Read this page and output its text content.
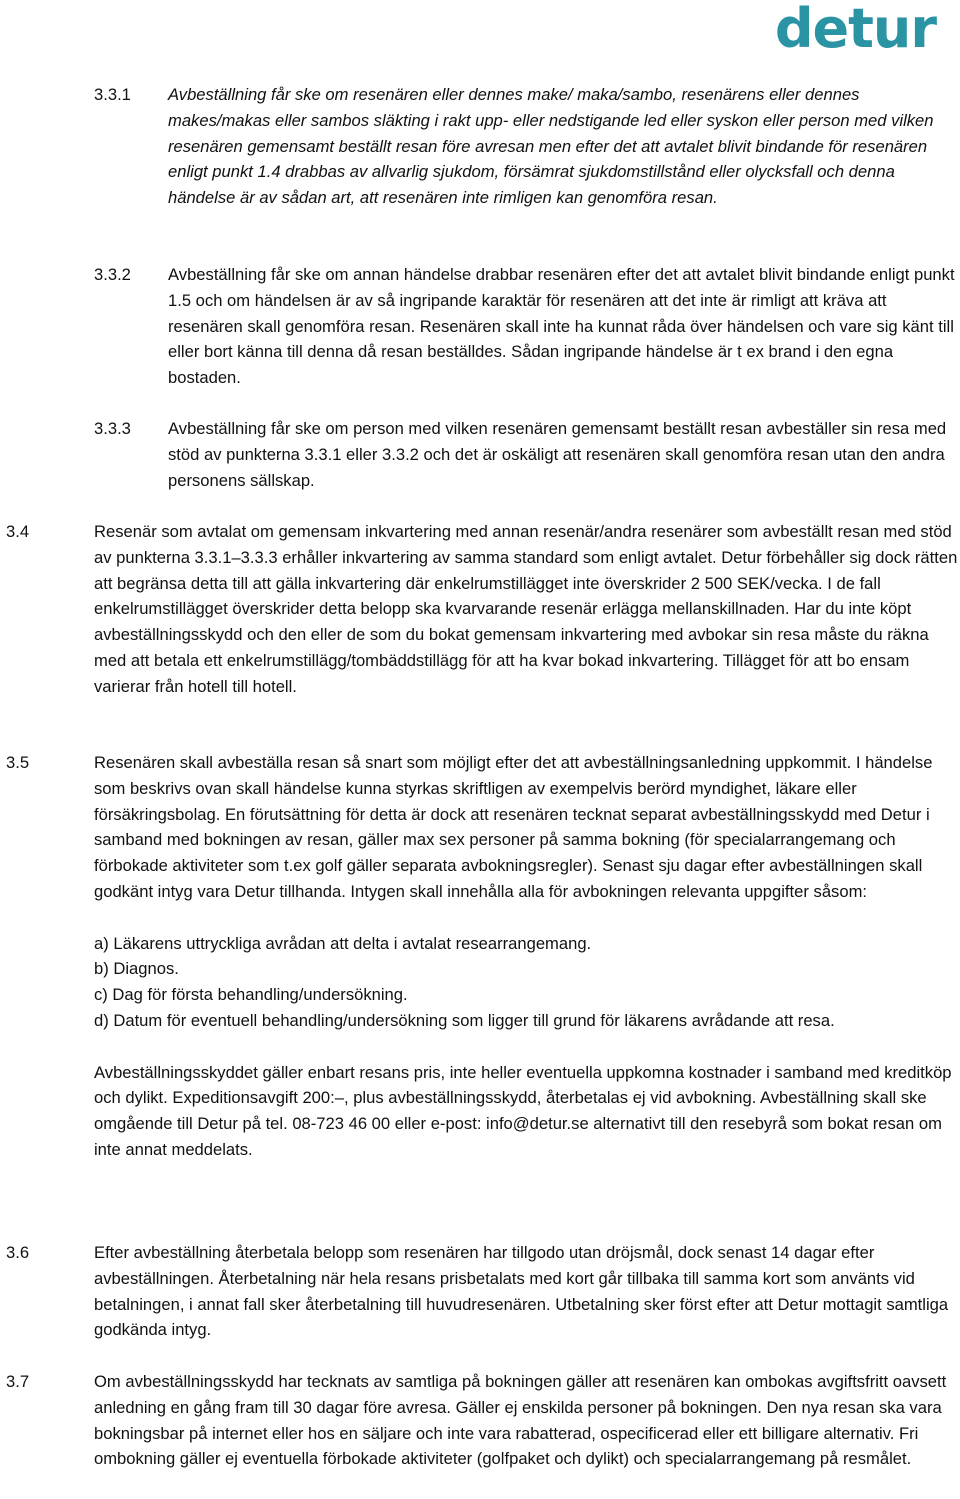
detur
3.3.1 Avbeställning får ske om resenären eller dennes make/ maka/sambo, resenärens eller dennes makes/makas eller sambos släkting i rakt upp- eller nedstigande led eller syskon eller person med vilken resenären gemensamt beställt resan före avresan men efter det att avtalet blivit bindande för resenären enligt punkt 1.4 drabbas av allvarlig sjukdom, försämrat sjukdomstillstånd eller olycksfall och denna händelse är av sådan art, att resenären inte rimligen kan genomföra resan.

3.3.2 Avbeställning får ske om annan händelse drabbar resenären efter det att avtalet blivit bindande enligt punkt 1.5 och om händelsen är av så ingripande karaktär för resenären att det inte är rimligt att kräva att resenären skall genomföra resan. Resenären skall inte ha kunnat råda över händelsen och vare sig känt till eller bort känna till denna då resan beställdes. Sådan ingripande händelse är t ex brand i den egna bostaden.

3.3.3 Avbeställning får ske om person med vilken resenären gemensamt beställt resan avbeställer sin resa med stöd av punkterna 3.3.1 eller 3.3.2 och det är oskäligt att resenären skall genomföra resan utan den andra personens sällskap.

3.4	Resenär som avtalat om gemensam inkvartering med annan resenär/andra resenärer som avbeställt resan med stöd av punkterna 3.3.1–3.3.3 erhåller inkvartering av samma standard som enligt avtalet. Detur förbehåller sig dock rätten att begränsa detta till att gälla inkvartering där enkelrumstillägget inte överskrider 2 500 SEK/vecka. I de fall enkelrumstillägget överskrider detta belopp ska kvarvarande resenär erlägga mellanskillnaden. Har du inte köpt avbeställningsskydd och den eller de som du bokat gemensam inkvartering med avbokar sin resa måste du räkna med att betala ett enkelrumstillägg/tombäddstillägg för att ha kvar bokad inkvartering. Tillägget för att bo ensam varierar från hotell till hotell.

3.5	Resenären skall avbeställa resan så snart som möjligt efter det att avbeställningsanledning uppkommit. I händelse som beskrivs ovan skall händelse kunna styrkas skriftligen av exempelvis berörd myndighet, läkare eller försäkringsbolag. En förutsättning för detta är dock att resenären tecknat separat avbeställningsskydd med Detur i samband med bokningen av resan, gäller max sex personer på samma bokning (för specialarrangemang och förbokade aktiviteter som t.ex golf gäller separata avbokningsregler). Senast sju dagar efter avbeställningen skall godkänt intyg vara Detur tillhanda. Intygen skall innehålla alla för avbokningen relevanta uppgifter såsom:

a) Läkarens uttryckliga avrådan att delta i avtalat researrangemang.

b) Diagnos.

c) Dag för första behandling/undersökning.

d) Datum för eventuell behandling/undersökning som ligger till grund för läkarens avrådande att resa.

Avbeställningsskyddet gäller enbart resans pris, inte heller eventuella uppkomna kostnader i samband med kreditköp och dylikt. Expeditionsavgift 200:–, plus avbeställningsskydd, återbetalas ej vid avbokning. Avbeställning skall ske omgående till Detur på tel. 08-723 46 00 eller e-post: info@detur.se alternativt till den resebyrå som bokat resan om inte annat meddelats.

3.6	Efter avbeställning återbetala belopp som resenären har tillgodo utan dröjsmål, dock senast 14 dagar efter avbeställningen. Återbetalning när hela resans prisbetalats med kort går tillbaka till samma kort som använts vid betalningen, i annat fall sker återbetalning till huvudresenären. Utbetalning sker först efter att Detur mottagit samtliga godkända intyg.

3.7	Om avbeställningsskydd har tecknats av samtliga på bokningen gäller att resenären kan ombokas avgiftsfritt oavsett anledning en gång fram till 30 dagar före avresa. Gäller ej enskilda personer på bokningen. Den nya resan ska vara bokningsbar på internet eller hos en säljare och inte vara rabatterad, ospecificerad eller ett billigare alternativ. Fri ombokning gäller ej eventuella förbokade aktiviteter (golfpaket och dylikt) och specialarrangemang på resmålet.
